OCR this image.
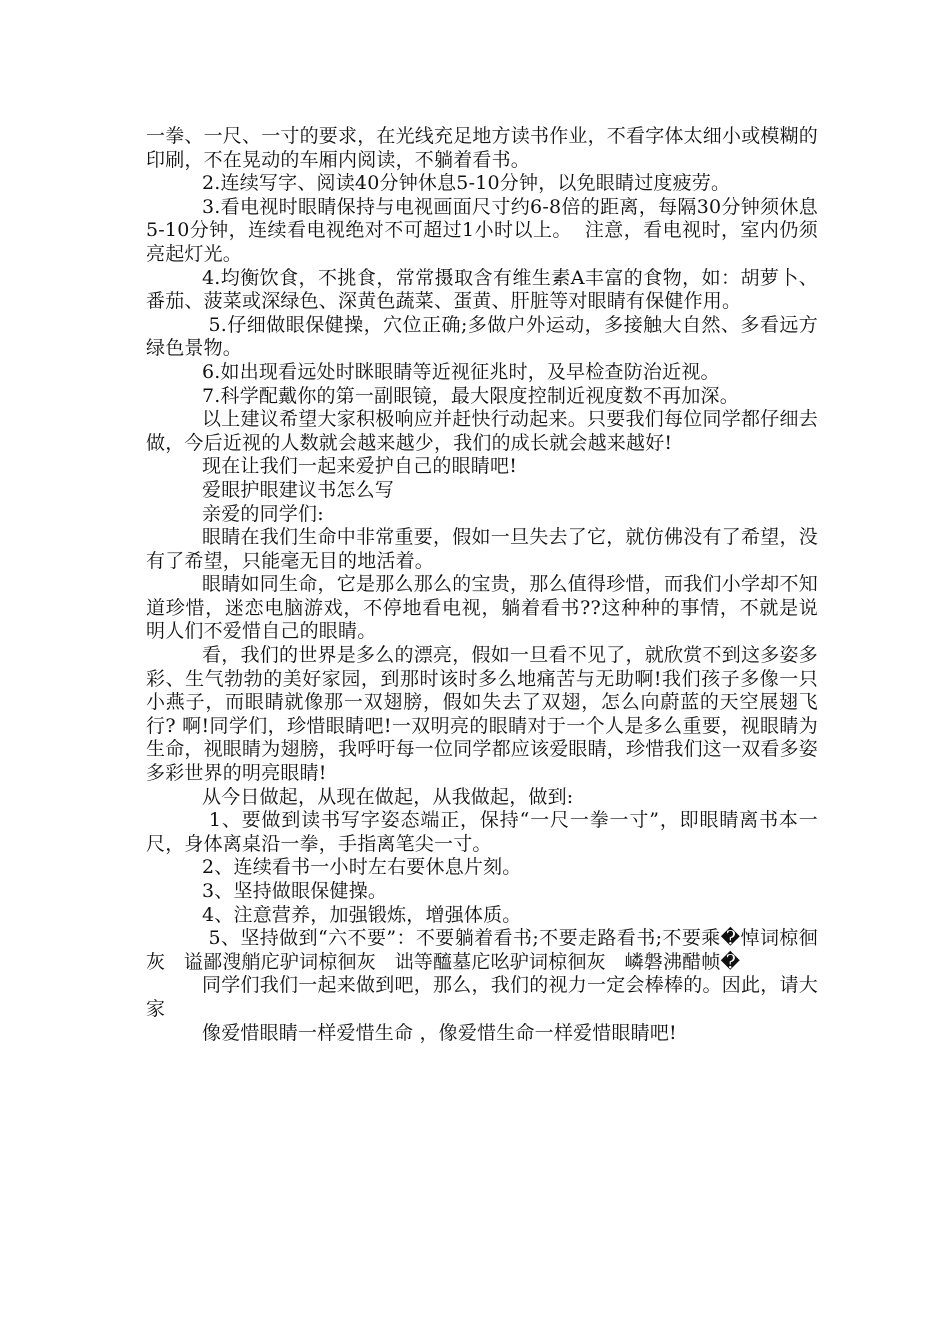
一拳、一尺、一寸的要求，在光线充足地方读书作业，不看字体太细小或模糊的印刷，不在晃动的车厢内阅读，不躺着看书。

2.连续写字、阅读40分钟休息5-10分钟，以免眼睛过度疲劳。

3.看电视时眼睛保持与电视画面尺寸约6-8倍的距离，每隔30分钟须休息5-10分钟，连续看电视绝对不可超过1小时以上。  注意，看电视时，室内仍须亮起灯光。

4.均衡饮食，不挑食，常常摄取含有维生素A丰富的食物，如：胡萝卜、番茄、菠菜或深绿色、深黄色蔬菜、蛋黄、肝脏等对眼睛有保健作用。

5.仔细做眼保健操，穴位正确;多做户外运动，多接触大自然、多看远方绿色景物。

6.如出现看远处时眯眼睛等近视征兆时，及早检查防治近视。

7.科学配戴你的第一副眼镜，最大限度控制近视度数不再加深。

以上建议希望大家积极响应并赶快行动起来。只要我们每位同学都仔细去做，今后近视的人数就会越来越少，我们的成长就会越来越好!

现在让我们一起来爱护自己的眼睛吧!

爱眼护眼建议书怎么写

亲爱的同学们:

眼睛在我们生命中非常重要，假如一旦失去了它，就仿佛没有了希望，没有了希望，只能毫无目的地活着。

眼睛如同生命，它是那么那么的宝贵，那么值得珍惜，而我们小学却不知道珍惜，迷恋电脑游戏，不停地看电视，躺着看书??这种种的事情，不就是说明人们不爱惜自己的眼睛。

看，我们的世界是多么的漂亮，假如一旦看不见了，就欣赏不到这多姿多彩、生气勃勃的美好家园，到那时该时多么地痛苦与无助啊!我们孩子多像一只小燕子，而眼睛就像那一双翅膀，假如失去了双翅，怎么向蔚蓝的天空展翅飞行? 啊!同学们，珍惜眼睛吧!一双明亮的眼睛对于一个人是多么重要，视眼睛为生命，视眼睛为翅膀，我呼吁每一位同学都应该爱眼睛，珍惜我们这一双看多姿多彩世界的明亮眼睛!

从今日做起，从现在做起，从我做起，做到:

1、要做到读书写字姿态端正，保持“一尺一拳一寸”，即眼睛离书本一尺，身体离桌沿一拳，手指离笔尖一寸。

2、连续看书一小时左右要休息片刻。

3、坚持做眼保健操。

4、注意营养，加强锻炼，增强体质。

5、坚持做到“六不要”：不要躺着看书;不要走路看书;不要乘�悼词椋徊灰   谥鄙溲艄庀驴词椋徊灰   诎等醯墓庀吆驴词椋徊灰   嶙磐沸醋帧�

同学们我们一起来做到吧，那么，我们的视力一定会棒棒的。因此，请大家

像爱惜眼睛一样爱惜生命 ，像爱惜生命一样爱惜眼睛吧!
